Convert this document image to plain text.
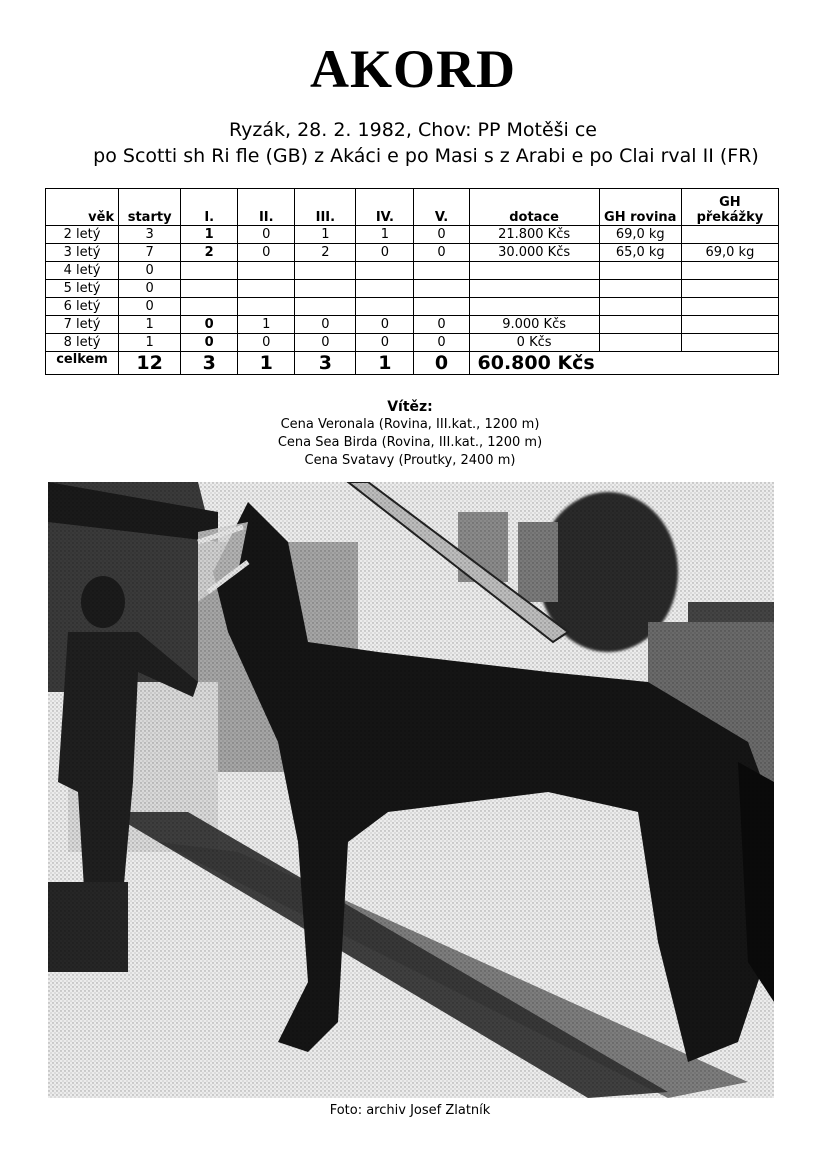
AKORD
Ryzák, 28. 2. 1982, Chov: PP Motěši ce
po Scotti sh Ri fle (GB) z Akáci e po Masi s z Arabi e po Clai rval II (FR)
věk	starty	I.	II.	III.	IV.	V.	dotace	GH rovina	GH překážky
2 letý	3	1	0	1	1	0	21.800 Kčs	69,0 kg	
3 letý	7	2	0	2	0	0	30.000 Kčs	65,0 kg	69,0 kg
4 letý	0								
5 letý	0								
6 letý	0								
7 letý	1	0	1	0	0	0	9.000 Kčs		
8 letý	1	0	0	0	0	0	0 Kčs		
celkem	12	3	1	3	1	0	60.800 Kčs		
Vítěz:
Cena Veronala (Rovina, III.kat., 1200 m)
Cena Sea Birda (Rovina, III.kat., 1200 m)
Cena Svatavy (Proutky, 2400 m)
Foto: archiv Josef Zlatník
